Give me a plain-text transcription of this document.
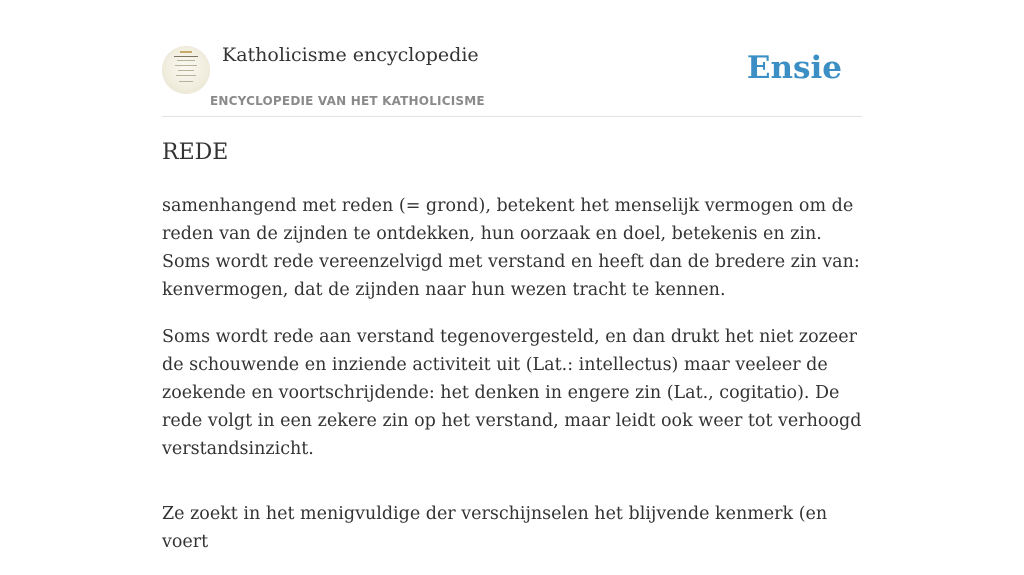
Katholicisme encyclopedie
ENCYCLOPEDIE VAN HET KATHOLICISME
Ensie
REDE

samenhangend met reden (= grond), betekent het menselijk vermogen om de reden van de zijnden te ontdekken, hun oorzaak en doel, betekenis en zin. Soms wordt rede vereenzelvigd met verstand en heeft dan de bredere zin van: kenvermogen, dat de zijnden naar hun wezen tracht te kennen.

Soms wordt rede aan verstand tegenovergesteld, en dan drukt het niet zozeer de schouwende en inziende activiteit uit (Lat.: intellectus) maar veeleer de zoekende en voortschrijdende: het denken in engere zin (Lat., cogitatio). De rede volgt in een zekere zin op het verstand, maar leidt ook weer tot verhoogd verstandsinzicht.

Ze zoekt in het menigvuldige der verschijnselen het blijvende kenmerk (en voert
